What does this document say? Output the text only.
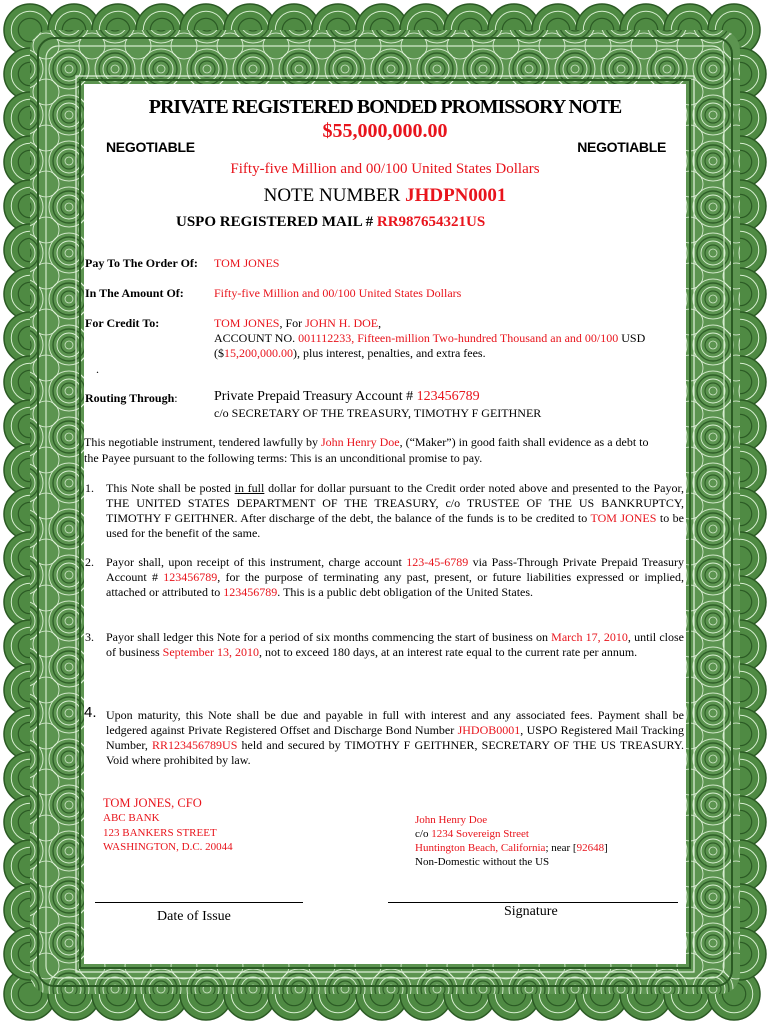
PRIVATE REGISTERED BONDED PROMISSORY NOTE
$55,000,000.00
NEGOTIABLE	NEGOTIABLE
Fifty-five Million and 00/100 United States Dollars
NOTE NUMBER JHDPN0001
USPO REGISTERED MAIL # RR987654321US
Pay To The Order Of: TOM JONES
In The Amount Of:	Fifty-five Million and 00/100 United States Dollars
For Credit To:	TOM JONES, For JOHN H. DOE,
ACCOUNT NO. 001112233, Fifteen-million Two-hundred Thousand an and 00/100 USD
($15,200,000.00), plus interest, penalties, and extra fees.
.
Routing Through:	Private Prepaid Treasury Account # 123456789
c/o SECRETARY OF THE TREASURY, TIMOTHY F GEITHNER
This negotiable instrument, tendered lawfully by John Henry Doe, (“Maker”) in good faith shall evidence as a debt to
the Payee pursuant to the following terms: This is an unconditional promise to pay.
1. This Note shall be posted in full dollar for dollar pursuant to the Credit order noted above and presented to the Payor, THE UNITED STATES DEPARTMENT OF THE TREASURY, c/o TRUSTEE OF THE US BANKRUPTCY, TIMOTHY F GEITHNER. After discharge of the debt, the balance of the funds is to be credited to TOM JONES to be used for the benefit of the same.
2. Payor shall, upon receipt of this instrument, charge account 123-45-6789 via Pass-Through Private Prepaid Treasury Account # 123456789, for the purpose of terminating any past, present, or future liabilities expressed or implied, attached or attributed to 123456789. This is a public debt obligation of the United States.
3. Payor shall ledger this Note for a period of six months commencing the start of business on March 17, 2010, until close of business September 13, 2010, not to exceed 180 days, at an interest rate equal to the current rate per annum.
4. Upon maturity, this Note shall be due and payable in full with interest and any associated fees. Payment shall be ledgered against Private Registered Offset and Discharge Bond Number JHDOB0001, USPO Registered Mail Tracking Number, RR123456789US held and secured by TIMOTHY F GEITHNER, SECRETARY OF THE US TREASURY. Void where prohibited by law.
TOM JONES, CFO
ABC BANK
123 BANKERS STREET
WASHINGTON, D.C. 20044
John Henry Doe
c/o 1234 Sovereign Street
Huntington Beach, California; near [92648]
Non-Domestic without the US
Date of Issue	Signature
